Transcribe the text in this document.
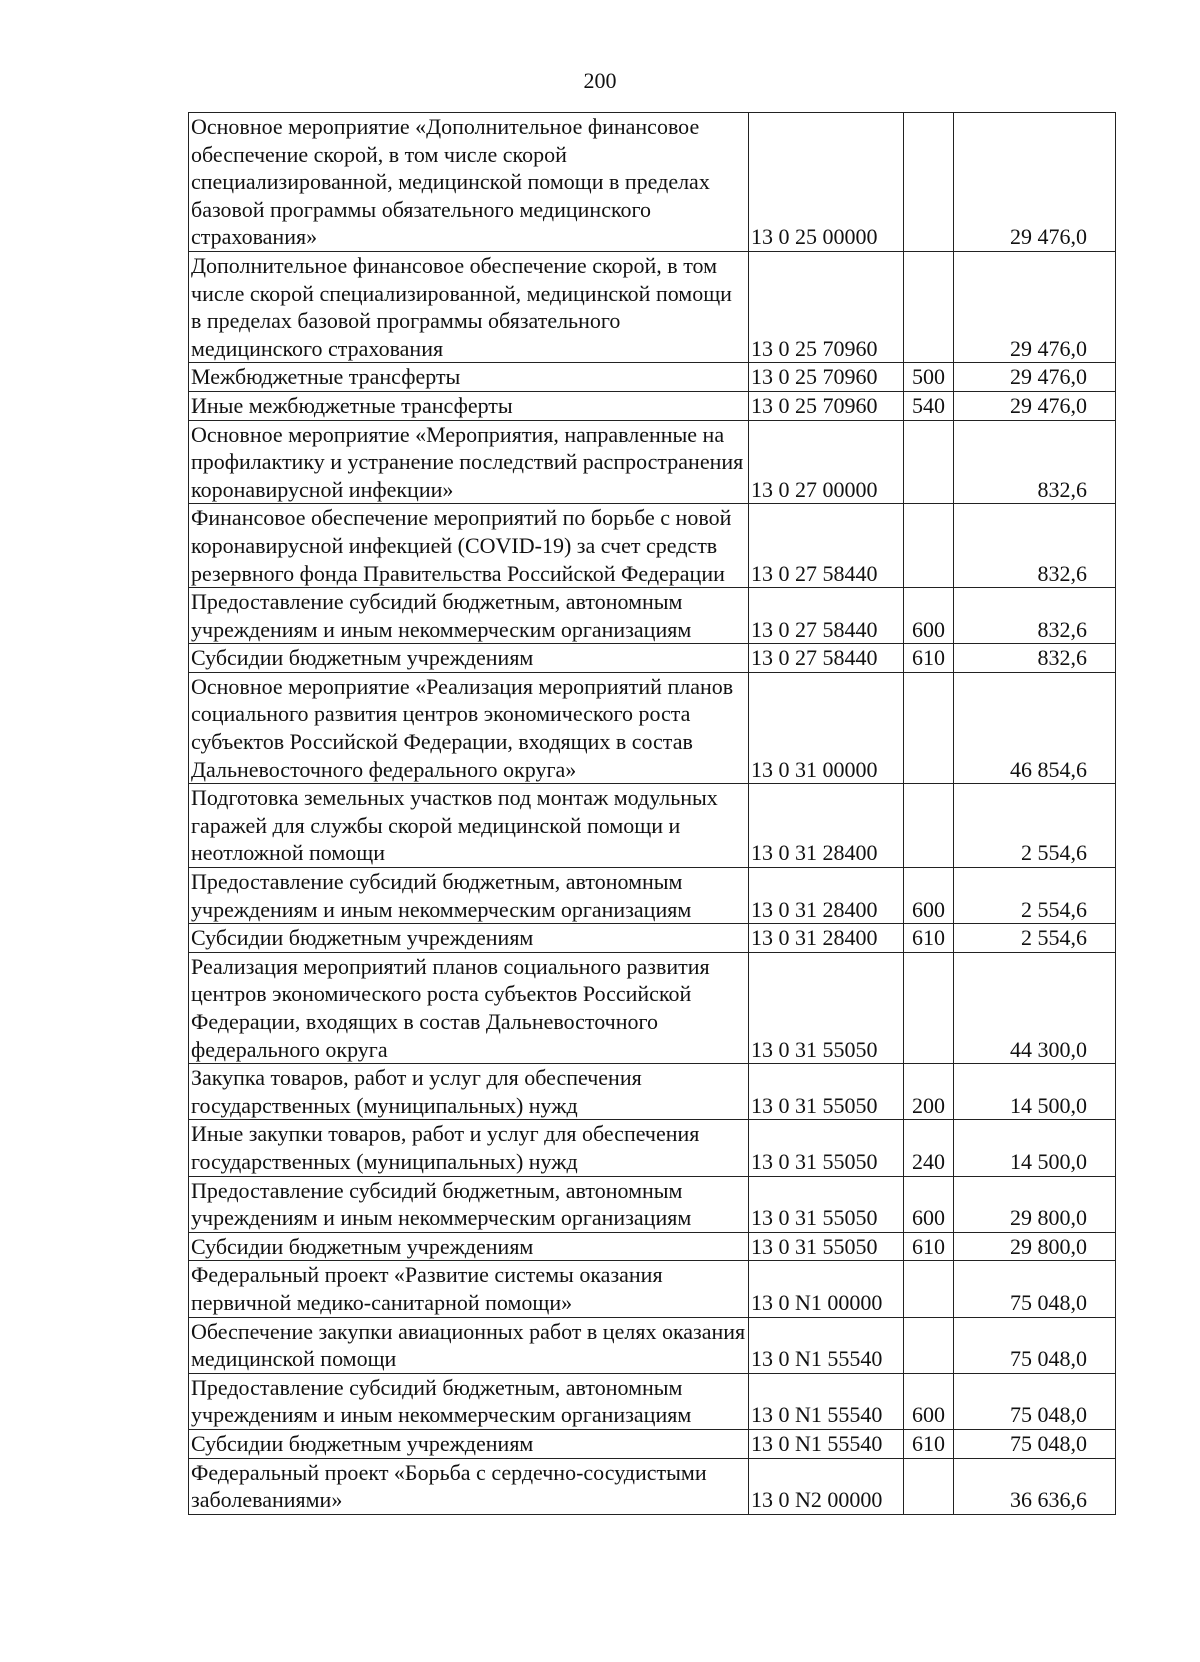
200
Основное мероприятие «Дополнительное финансовое обеспечение скорой, в том числе скорой специализированной, медицинской помощи в пределах базовой программы обязательного медицинского страхования»	13 0 25 00000		29 476,0
Дополнительное финансовое обеспечение скорой, в том числе скорой специализированной, медицинской помощи в пределах базовой программы обязательного медицинского страхования	13 0 25 70960		29 476,0
Межбюджетные трансферты	13 0 25 70960	500	29 476,0
Иные межбюджетные трансферты	13 0 25 70960	540	29 476,0
Основное мероприятие «Мероприятия, направленные на профилактику и устранение последствий распространения коронавирусной инфекции»	13 0 27 00000		832,6
Финансовое обеспечение мероприятий по борьбе с новой коронавирусной инфекцией (COVID-19) за счет средств резервного фонда Правительства Российской Федерации	13 0 27 58440		832,6
Предоставление субсидий бюджетным, автономным учреждениям и иным некоммерческим организациям	13 0 27 58440	600	832,6
Субсидии бюджетным учреждениям	13 0 27 58440	610	832,6
Основное мероприятие «Реализация мероприятий планов социального развития центров экономического роста субъектов Российской Федерации, входящих в состав Дальневосточного федерального округа»	13 0 31 00000		46 854,6
Подготовка земельных участков под монтаж модульных гаражей для службы скорой медицинской помощи и неотложной помощи	13 0 31 28400		2 554,6
Предоставление субсидий бюджетным, автономным учреждениям и иным некоммерческим организациям	13 0 31 28400	600	2 554,6
Субсидии бюджетным учреждениям	13 0 31 28400	610	2 554,6
Реализация мероприятий планов социального развития центров экономического роста субъектов Российской Федерации, входящих в состав Дальневосточного федерального округа	13 0 31 55050		44 300,0
Закупка товаров, работ и услуг для обеспечения государственных (муниципальных) нужд	13 0 31 55050	200	14 500,0
Иные закупки товаров, работ и услуг для обеспечения государственных (муниципальных) нужд	13 0 31 55050	240	14 500,0
Предоставление субсидий бюджетным, автономным учреждениям и иным некоммерческим организациям	13 0 31 55050	600	29 800,0
Субсидии бюджетным учреждениям	13 0 31 55050	610	29 800,0
Федеральный проект «Развитие системы оказания первичной медико-санитарной помощи»	13 0 N1 00000		75 048,0
Обеспечение закупки авиационных работ в целях оказания медицинской помощи	13 0 N1 55540		75 048,0
Предоставление субсидий бюджетным, автономным учреждениям и иным некоммерческим организациям	13 0 N1 55540	600	75 048,0
Субсидии бюджетным учреждениям	13 0 N1 55540	610	75 048,0
Федеральный проект «Борьба с сердечно-сосудистыми заболеваниями»	13 0 N2 00000		36 636,6
